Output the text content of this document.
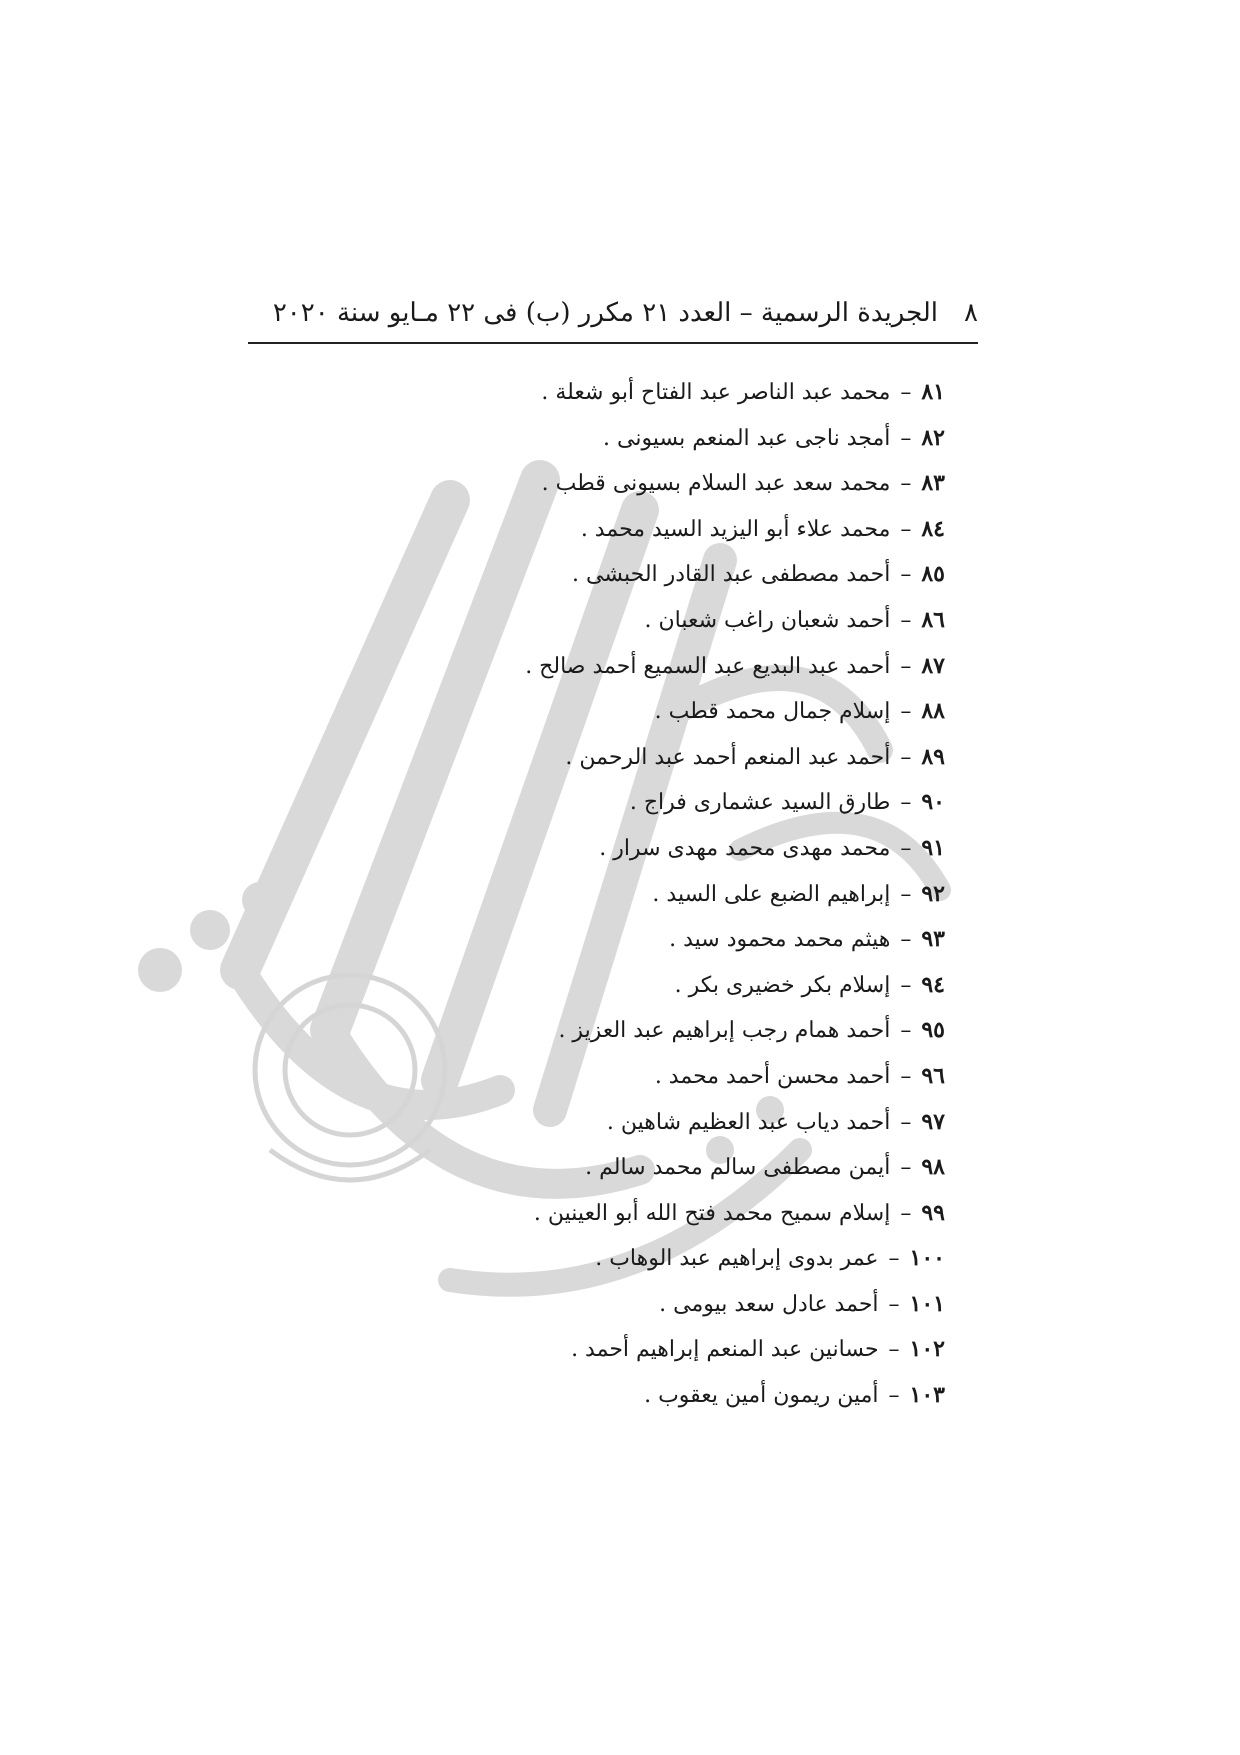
٨
الجريدة الرسمية – العدد ٢١ مكرر (ب) فى ٢٢ مـايو سنة ٢٠٢٠
٨١
–
محمد عبد الناصر عبد الفتاح أبو شعلة .
٨٢
–
أمجد ناجى عبد المنعم بسيونى .
٨٣
–
محمد سعد عبد السلام بسيونى قطب .
٨٤
–
محمد علاء أبو اليزيد السيد محمد .
٨٥
–
أحمد مصطفى عبد القادر الحبشى .
٨٦
–
أحمد شعبان راغب شعبان .
٨٧
–
أحمد عبد البديع عبد السميع أحمد صالح .
٨٨
–
إسلام جمال محمد قطب .
٨٩
–
أحمد عبد المنعم أحمد عبد الرحمن .
٩٠
–
طارق السيد عشمارى فراج .
٩١
–
محمد مهدى محمد مهدى سرار .
٩٢
–
إبراهيم الضبع على السيد .
٩٣
–
هيثم محمد محمود سيد .
٩٤
–
إسلام بكر خضيرى بكر .
٩٥
–
أحمد همام رجب إبراهيم عبد العزيز .
٩٦
–
أحمد محسن أحمد محمد .
٩٧
–
أحمد دياب عبد العظيم شاهين .
٩٨
–
أيمن مصطفى سالم محمد سالم .
٩٩
–
إسلام سميح محمد فتح الله أبو العينين .
١٠٠
–
عمر بدوى إبراهيم عبد الوهاب .
١٠١
–
أحمد عادل سعد بيومى .
١٠٢
–
حسانين عبد المنعم إبراهيم أحمد .
١٠٣
–
أمين ريمون أمين يعقوب .
